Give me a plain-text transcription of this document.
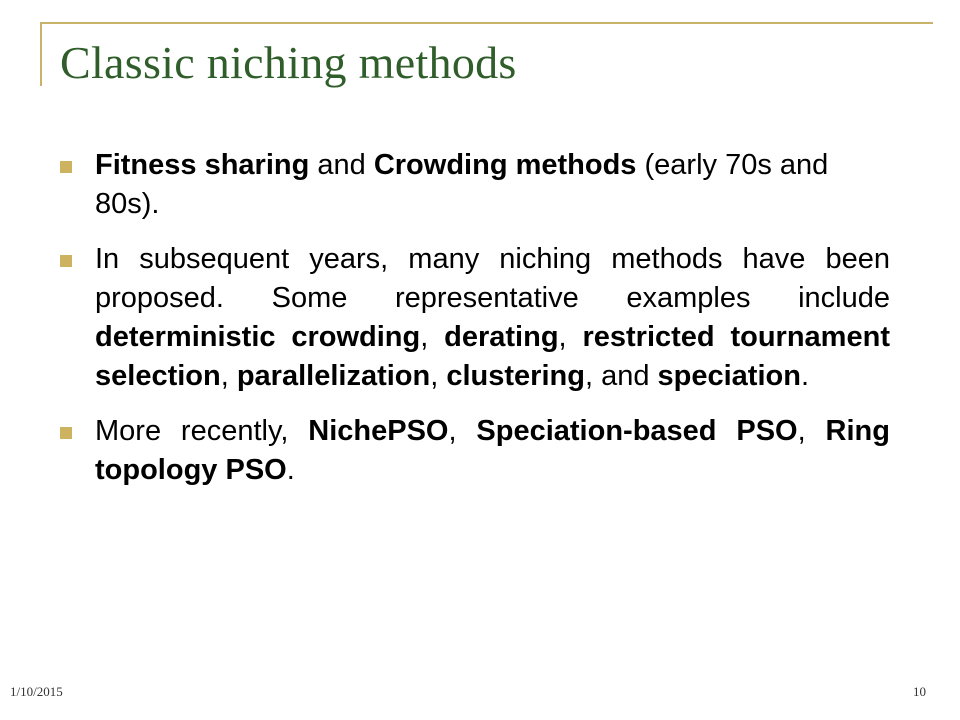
Classic niching methods
Fitness sharing and Crowding methods (early 70s and 80s).
In subsequent years, many niching methods have been proposed. Some representative examples include deterministic crowding, derating, restricted tournament selection, parallelization, clustering, and speciation.
More recently, NichePSO, Speciation-based PSO, Ring topology PSO.
1/10/2015	10
